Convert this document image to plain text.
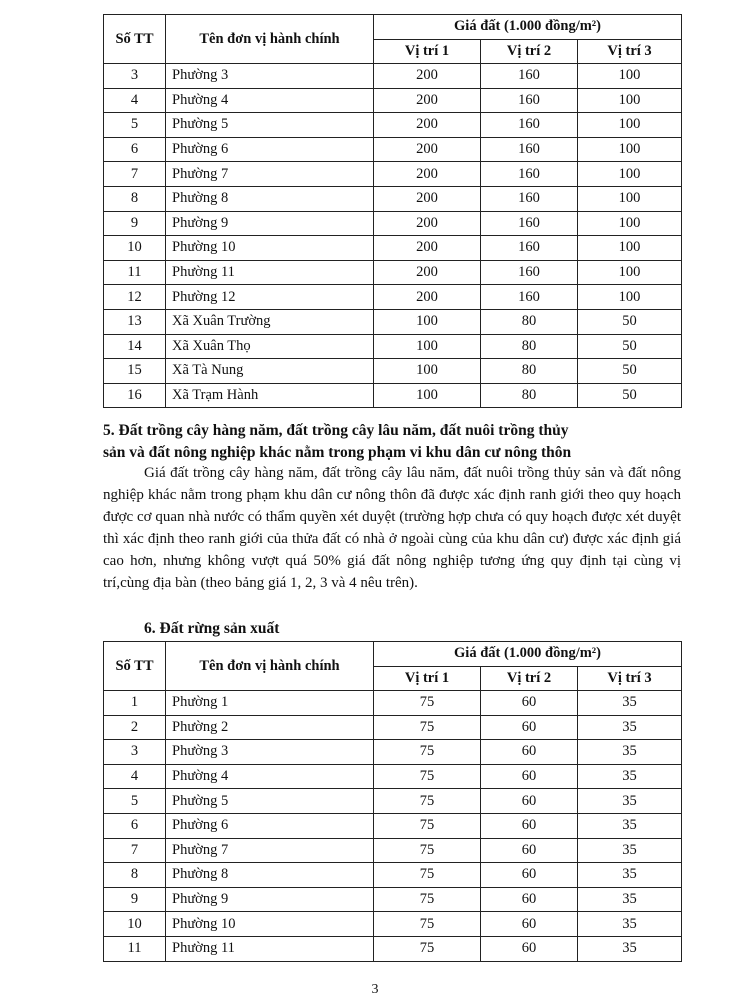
Số TT	Tên đơn vị hành chính	Giá đất (1.000 đồng/m²)		
		Vị trí 1	Vị trí 2	Vị trí 3
3	Phường 3	200	160	100
4	Phường 4	200	160	100
5	Phường 5	200	160	100
6	Phường 6	200	160	100
7	Phường 7	200	160	100
8	Phường 8	200	160	100
9	Phường 9	200	160	100
10	Phường 10	200	160	100
11	Phường 11	200	160	100
12	Phường 12	200	160	100
13	Xã Xuân Trường	100	80	50
14	Xã Xuân Thọ	100	80	50
15	Xã Tà Nung	100	80	50
16	Xã Trạm Hành	100	80	50
5. Đất trồng cây hàng năm, đất trồng cây lâu năm, đất nuôi trồng thủy
sản và đất nông nghiệp khác nằm trong phạm vi khu dân cư nông thôn
Giá đất trồng cây hàng năm, đất trồng cây lâu năm, đất nuôi trồng thủy sản và đất nông nghiệp khác nằm trong phạm khu dân cư nông thôn đã được xác định ranh giới theo quy hoạch được cơ quan nhà nước có thẩm quyền xét duyệt (trường hợp chưa có quy hoạch được xét duyệt thì xác định theo ranh giới của thửa đất có nhà ở ngoài cùng của khu dân cư) được xác định giá cao hơn, nhưng không vượt quá 50% giá đất nông nghiệp tương ứng quy định tại cùng vị trí,cùng địa bàn (theo bảng giá 1, 2, 3 và 4 nêu trên).
6. Đất rừng sản xuất
Số TT	Tên đơn vị hành chính	Giá đất (1.000 đồng/m²)		
		Vị trí 1	Vị trí 2	Vị trí 3
1	Phường 1	75	60	35
2	Phường 2	75	60	35
3	Phường 3	75	60	35
4	Phường 4	75	60	35
5	Phường 5	75	60	35
6	Phường 6	75	60	35
7	Phường 7	75	60	35
8	Phường 8	75	60	35
9	Phường 9	75	60	35
10	Phường 10	75	60	35
11	Phường 11	75	60	35
3
